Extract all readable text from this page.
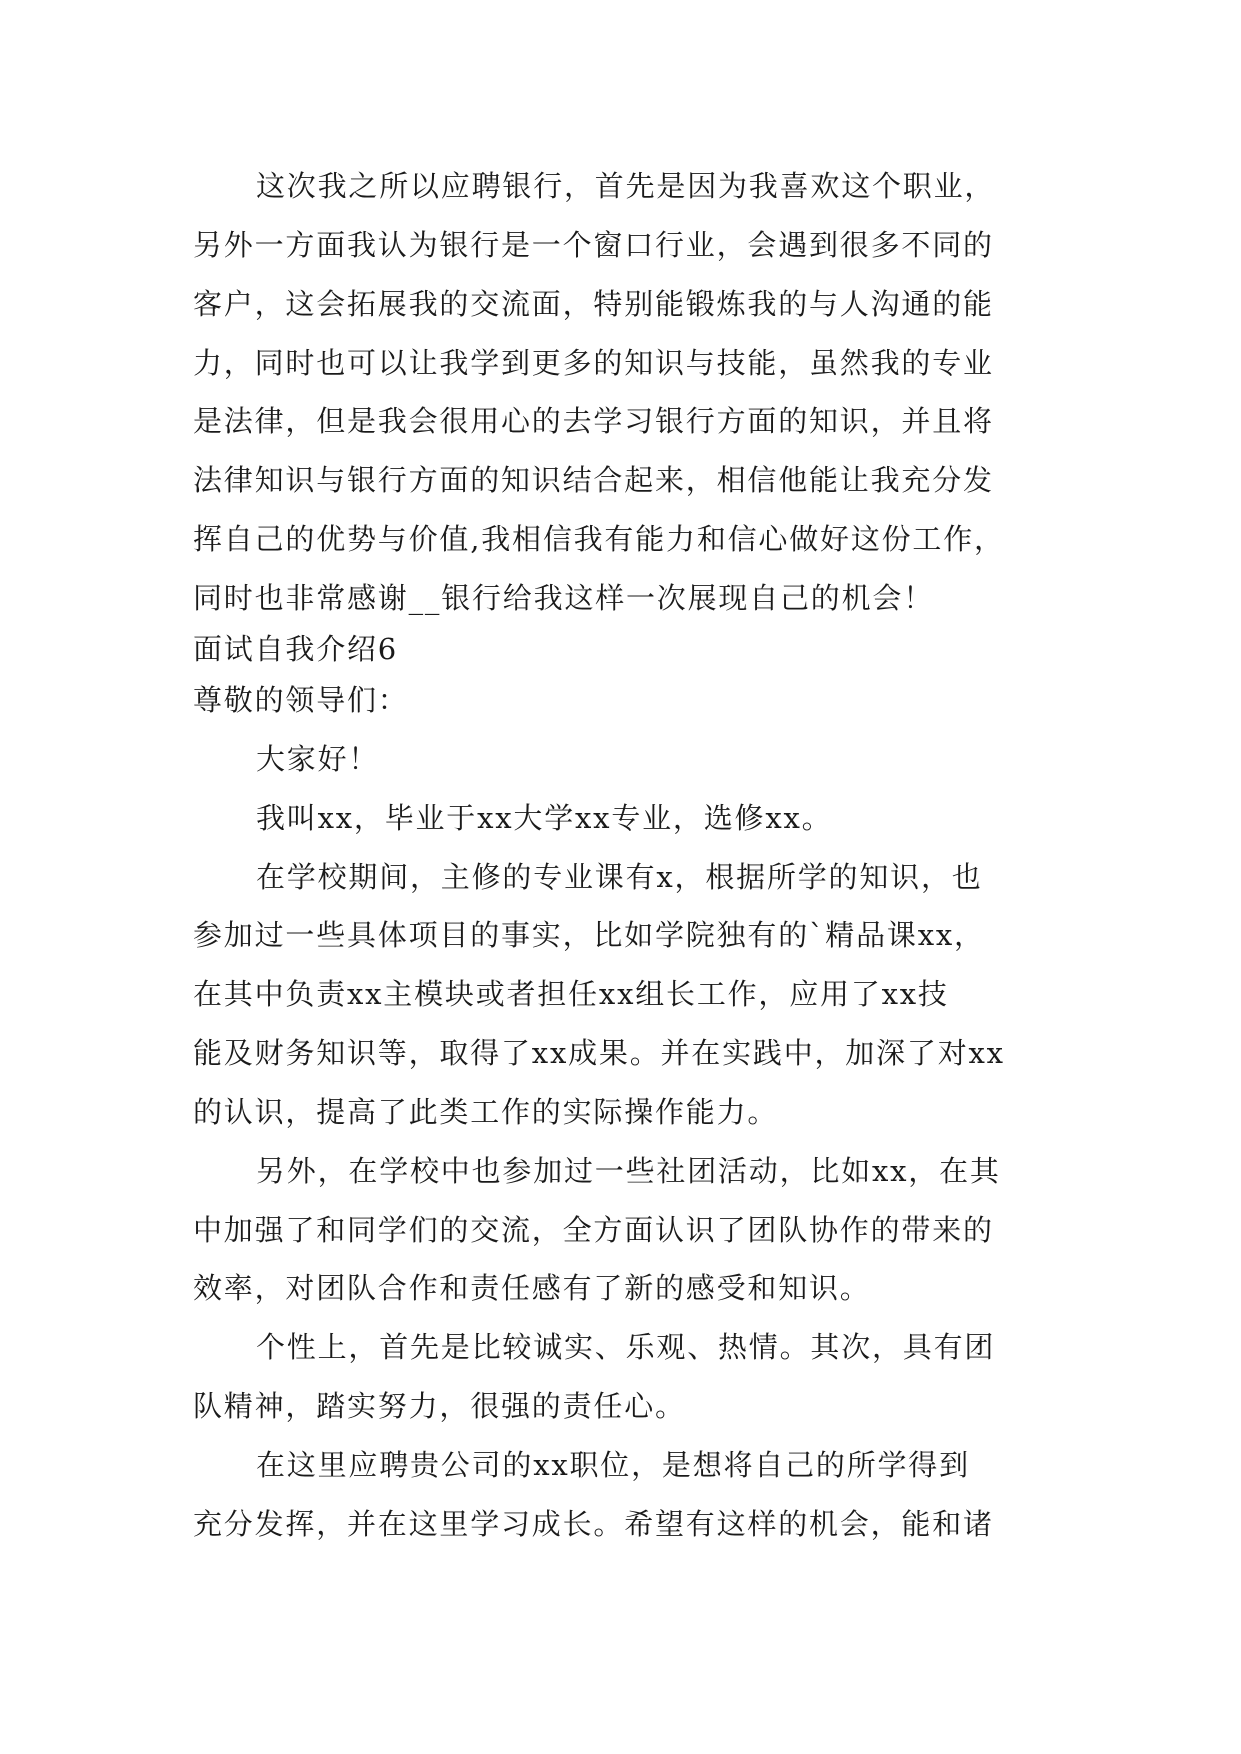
这次我之所以应聘银行，首先是因为我喜欢这个职业，
另外一方面我认为银行是一个窗口行业，会遇到很多不同的
客户，这会拓展我的交流面，特别能锻炼我的与人沟通的能
力，同时也可以让我学到更多的知识与技能，虽然我的专业
是法律，但是我会很用心的去学习银行方面的知识，并且将
法律知识与银行方面的知识结合起来，相信他能让我充分发
挥自己的优势与价值,我相信我有能力和信心做好这份工作，
同时也非常感谢__银行给我这样一次展现自己的机会！
面试自我介绍6
尊敬的领导们：
大家好！
我叫xx，毕业于xx大学xx专业，选修xx。
在学校期间，主修的专业课有x，根据所学的知识，也
参加过一些具体项目的事实，比如学院独有的`精品课xx，
在其中负责xx主模块或者担任xx组长工作，应用了xx技
能及财务知识等，取得了xx成果。并在实践中，加深了对xx
的认识，提高了此类工作的实际操作能力。
另外，在学校中也参加过一些社团活动，比如xx，在其
中加强了和同学们的交流，全方面认识了团队协作的带来的
效率，对团队合作和责任感有了新的感受和知识。
个性上，首先是比较诚实、乐观、热情。其次，具有团
队精神，踏实努力，很强的责任心。
在这里应聘贵公司的xx职位，是想将自己的所学得到
充分发挥，并在这里学习成长。希望有这样的机会，能和诸
